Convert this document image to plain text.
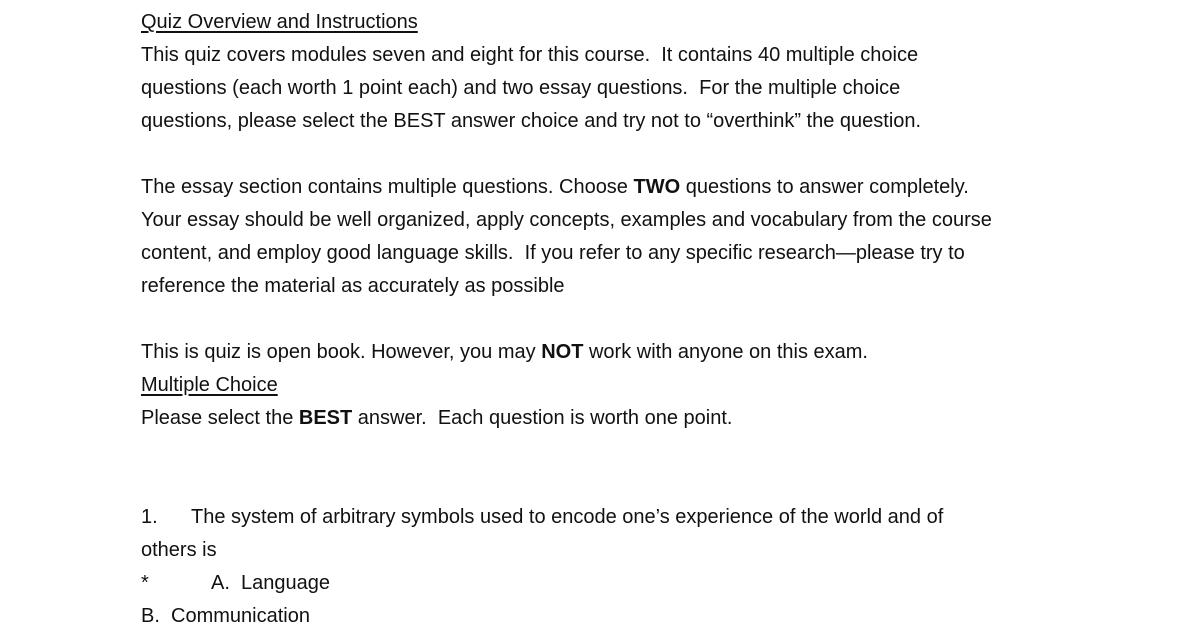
Quiz Overview and Instructions
This quiz covers modules seven and eight for this course.  It contains 40 multiple choice
questions (each worth 1 point each) and two essay questions.  For the multiple choice
questions, please select the BEST answer choice and try not to “overthink” the question.
The essay section contains multiple questions. Choose TWO questions to answer completely.
Your essay should be well organized, apply concepts, examples and vocabulary from the course
content, and employ good language skills.  If you refer to any specific research—please try to
reference the material as accurately as possible
This is quiz is open book. However, you may NOT work with anyone on this exam.
Multiple Choice
Please select the BEST answer.  Each question is worth one point.
1. The system of arbitrary symbols used to encode one’s experience of the world and of
others is
*	A.  Language
B.  Communication
